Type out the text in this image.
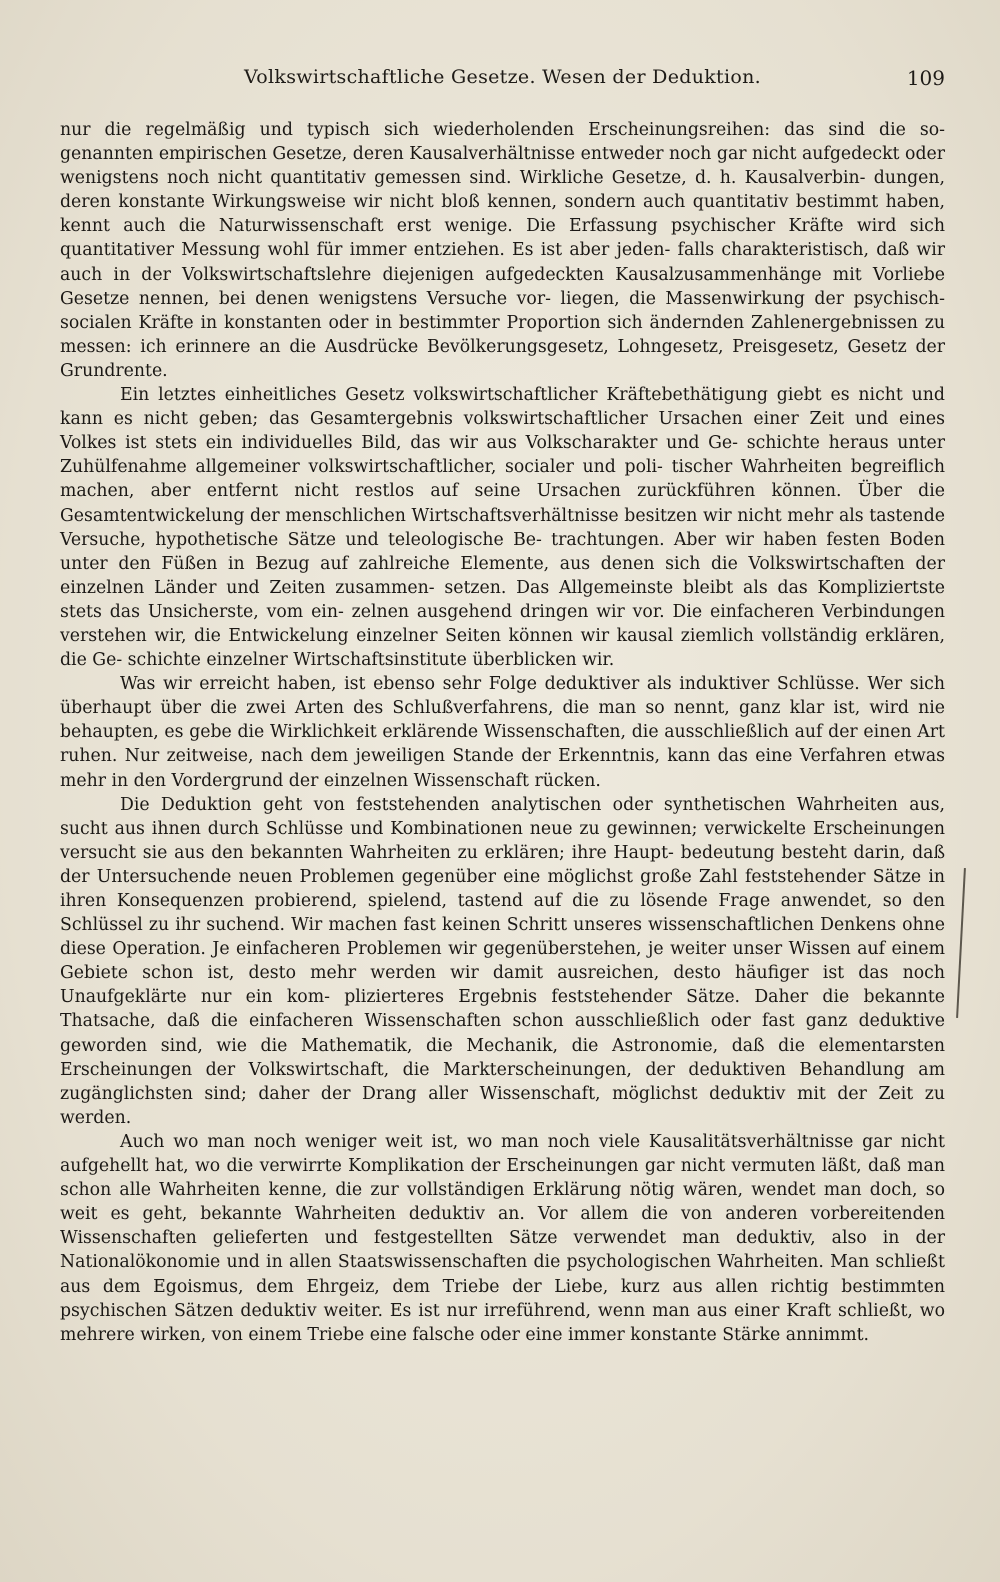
Volkswirtschaftliche Gesetze. Wesen der Deduktion.	109

nur die regelmäßig und typisch sich wiederholenden Erscheinungsreihen: das sind die so- genannten empirischen Gesetze, deren Kausalverhältnisse entweder noch gar nicht aufgedeckt oder wenigstens noch nicht quantitativ gemessen sind. Wirkliche Gesetze, d. h. Kausalverbin- dungen, deren konstante Wirkungsweise wir nicht bloß kennen, sondern auch quantitativ bestimmt haben, kennt auch die Naturwissenschaft erst wenige. Die Erfassung psychischer Kräfte wird sich quantitativer Messung wohl für immer entziehen. Es ist aber jeden- falls charakteristisch, daß wir auch in der Volkswirtschaftslehre diejenigen aufgedeckten Kausalzusammenhänge mit Vorliebe Gesetze nennen, bei denen wenigstens Versuche vor- liegen, die Massenwirkung der psychisch-socialen Kräfte in konstanten oder in bestimmter Proportion sich ändernden Zahlenergebnissen zu messen: ich erinnere an die Ausdrücke Bevölkerungsgesetz, Lohngesetz, Preisgesetz, Gesetz der Grundrente.

Ein letztes einheitliches Gesetz volkswirtschaftlicher Kräftebethätigung giebt es nicht und kann es nicht geben; das Gesamtergebnis volkswirtschaftlicher Ursachen einer Zeit und eines Volkes ist stets ein individuelles Bild, das wir aus Volkscharakter und Ge- schichte heraus unter Zuhülfenahme allgemeiner volkswirtschaftlicher, socialer und poli- tischer Wahrheiten begreiflich machen, aber entfernt nicht restlos auf seine Ursachen zurückführen können. Über die Gesamtentwickelung der menschlichen Wirtschaftsverhältnisse besitzen wir nicht mehr als tastende Versuche, hypothetische Sätze und teleologische Be- trachtungen. Aber wir haben festen Boden unter den Füßen in Bezug auf zahlreiche Elemente, aus denen sich die Volkswirtschaften der einzelnen Länder und Zeiten zusammen- setzen. Das Allgemeinste bleibt als das Kompliziertste stets das Unsicherste, vom ein- zelnen ausgehend dringen wir vor. Die einfacheren Verbindungen verstehen wir, die Entwickelung einzelner Seiten können wir kausal ziemlich vollständig erklären, die Ge- schichte einzelner Wirtschaftsinstitute überblicken wir.

Was wir erreicht haben, ist ebenso sehr Folge deduktiver als induktiver Schlüsse. Wer sich überhaupt über die zwei Arten des Schlußverfahrens, die man so nennt, ganz klar ist, wird nie behaupten, es gebe die Wirklichkeit erklärende Wissenschaften, die ausschließlich auf der einen Art ruhen. Nur zeitweise, nach dem jeweiligen Stande der Erkenntnis, kann das eine Verfahren etwas mehr in den Vordergrund der einzelnen Wissenschaft rücken.

Die Deduktion geht von feststehenden analytischen oder synthetischen Wahrheiten aus, sucht aus ihnen durch Schlüsse und Kombinationen neue zu gewinnen; verwickelte Erscheinungen versucht sie aus den bekannten Wahrheiten zu erklären; ihre Haupt- bedeutung besteht darin, daß der Untersuchende neuen Problemen gegenüber eine möglichst große Zahl feststehender Sätze in ihren Konsequenzen probierend, spielend, tastend auf die zu lösende Frage anwendet, so den Schlüssel zu ihr suchend. Wir machen fast keinen Schritt unseres wissenschaftlichen Denkens ohne diese Operation. Je einfacheren Problemen wir gegenüberstehen, je weiter unser Wissen auf einem Gebiete schon ist, desto mehr werden wir damit ausreichen, desto häufiger ist das noch Unaufgeklärte nur ein kom- plizierteres Ergebnis feststehender Sätze. Daher die bekannte Thatsache, daß die einfacheren Wissenschaften schon ausschließlich oder fast ganz deduktive geworden sind, wie die Mathematik, die Mechanik, die Astronomie, daß die elementarsten Erscheinungen der Volkswirtschaft, die Markterscheinungen, der deduktiven Behandlung am zugänglichsten sind; daher der Drang aller Wissenschaft, möglichst deduktiv mit der Zeit zu werden.

Auch wo man noch weniger weit ist, wo man noch viele Kausalitätsverhältnisse gar nicht aufgehellt hat, wo die verwirrte Komplikation der Erscheinungen gar nicht vermuten läßt, daß man schon alle Wahrheiten kenne, die zur vollständigen Erklärung nötig wären, wendet man doch, so weit es geht, bekannte Wahrheiten deduktiv an. Vor allem die von anderen vorbereitenden Wissenschaften gelieferten und festgestellten Sätze verwendet man deduktiv, also in der Nationalökonomie und in allen Staatswissenschaften die psychologischen Wahrheiten. Man schließt aus dem Egoismus, dem Ehrgeiz, dem Triebe der Liebe, kurz aus allen richtig bestimmten psychischen Sätzen deduktiv weiter. Es ist nur irreführend, wenn man aus einer Kraft schließt, wo mehrere wirken, von einem Triebe eine falsche oder eine immer konstante Stärke annimmt.
